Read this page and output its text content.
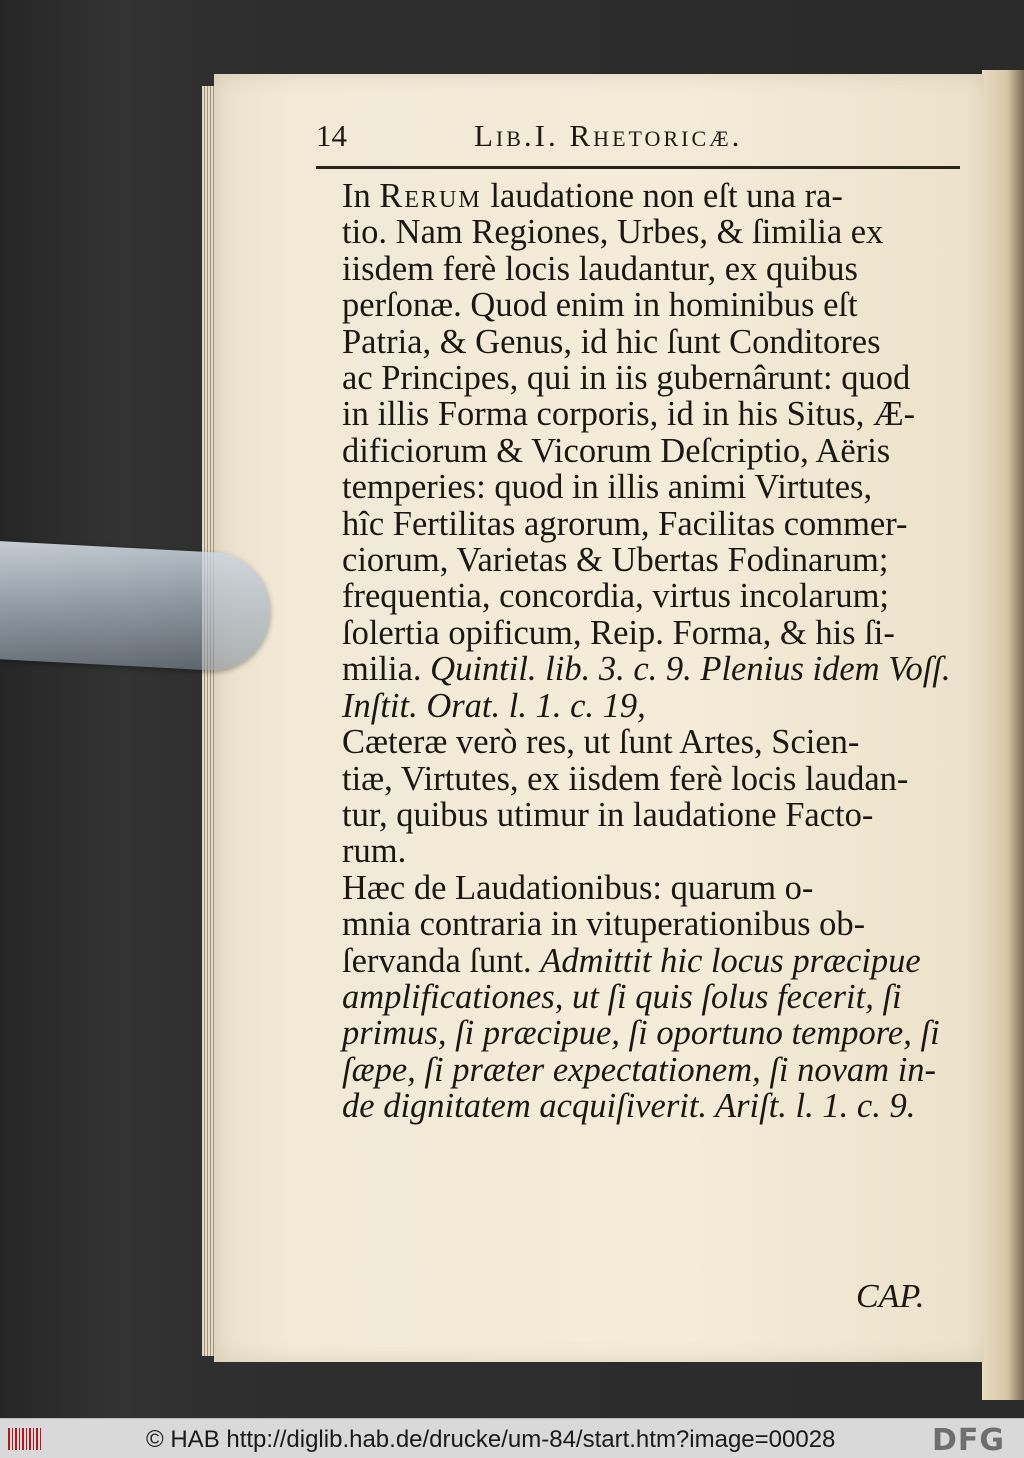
14	Lib.I. Rhetoricæ.

In Rerum laudatione non eſt una ra-
tio. Nam Regiones, Urbes, & ſimilia ex
iisdem ferè locis laudantur, ex quibus
perſonæ. Quod enim in hominibus eſt
Patria, & Genus, id hic ſunt Conditores
ac Principes, qui in iis gubernârunt: quod
in illis Forma corporis, id in his Situs, Æ-
dificiorum & Vicorum Deſcriptio, Aëris
temperies: quod in illis animi Virtutes,
hîc Fertilitas agrorum, Facilitas commer-
ciorum, Varietas & Ubertas Fodinarum;
frequentia, concordia, virtus incolarum;
ſolertia opificum, Reip. Forma, & his ſi-
milia. Quintil. lib. 3. c. 9. Plenius idem Voſſ.
Inſtit. Orat. l. 1. c. 19,

Cæteræ verò res, ut ſunt Artes, Scien-
tiæ, Virtutes, ex iisdem ferè locis laudan-
tur, quibus utimur in laudatione Facto-
rum.

Hæc de Laudationibus: quarum o-
mnia contraria in vituperationibus ob-
ſervanda ſunt. Admittit hic locus præcipue
amplificationes, ut ſi quis ſolus fecerit, ſi
primus, ſi præcipue, ſi oportuno tempore, ſi
ſæpe, ſi præter expectationem, ſi novam in-
de dignitatem acquiſiverit. Ariſt. l. 1. c. 9.

CAP.
© HAB http://diglib.hab.de/drucke/um-84/start.htm?image=00028	DFG
